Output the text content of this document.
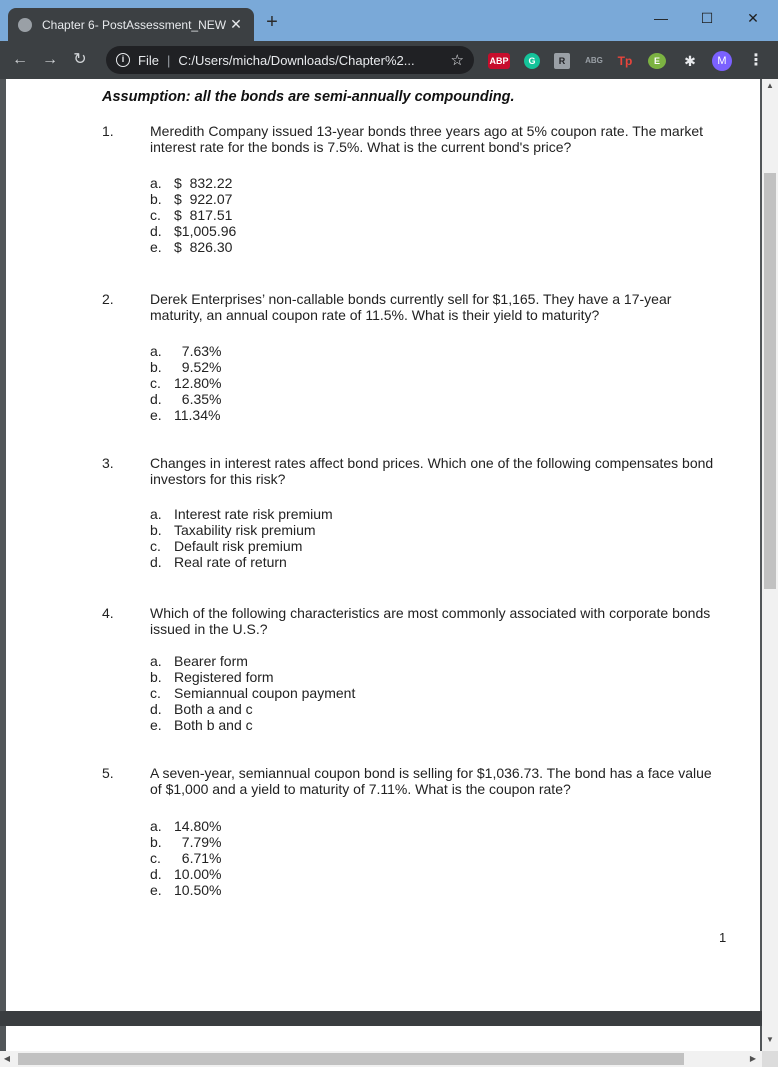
Chapter 6- PostAssessment_NEW ✕ +	—	☐	✕
← → ↻	i	File | C:/Users/micha/Downloads/Chapter%2...	☆	ABP	G	R	ABG Tp	E	✱	M	⋮
Assumption: all the bonds are semi-annually compounding.
1.	Meredith Company issued 13-year bonds three years ago at 5% coupon rate. The market interest rate for the bonds is 7.5%. What is the current bond's price?
a. $  832.22
b. $  922.07
c. $  817.51
d. $1,005.96
e. $  826.30
2.	Derek Enterprises’ non-callable bonds currently sell for $1,165. They have a 17-year maturity, an annual coupon rate of 11.5%. What is their yield to maturity?
a.  7.63%
b.  9.52%
c. 12.80%
d.  6.35%
e. 11.34%
3.	Changes in interest rates affect bond prices. Which one of the following compensates bond investors for this risk?
a. Interest rate risk premium
b. Taxability risk premium
c. Default risk premium
d. Real rate of return
4.	Which of the following characteristics are most commonly associated with corporate bonds issued in the U.S.?
a. Bearer form
b. Registered form
c. Semiannual coupon payment
d. Both a and c
e. Both b and c
5.	A seven-year, semiannual coupon bond is selling for $1,036.73. The bond has a face value of $1,000 and a yield to maturity of 7.11%. What is the coupon rate?
a. 14.80%
b.  7.79%
c.  6.71%
d. 10.00%
e. 10.50%
1
▲
▼
◀	▶
